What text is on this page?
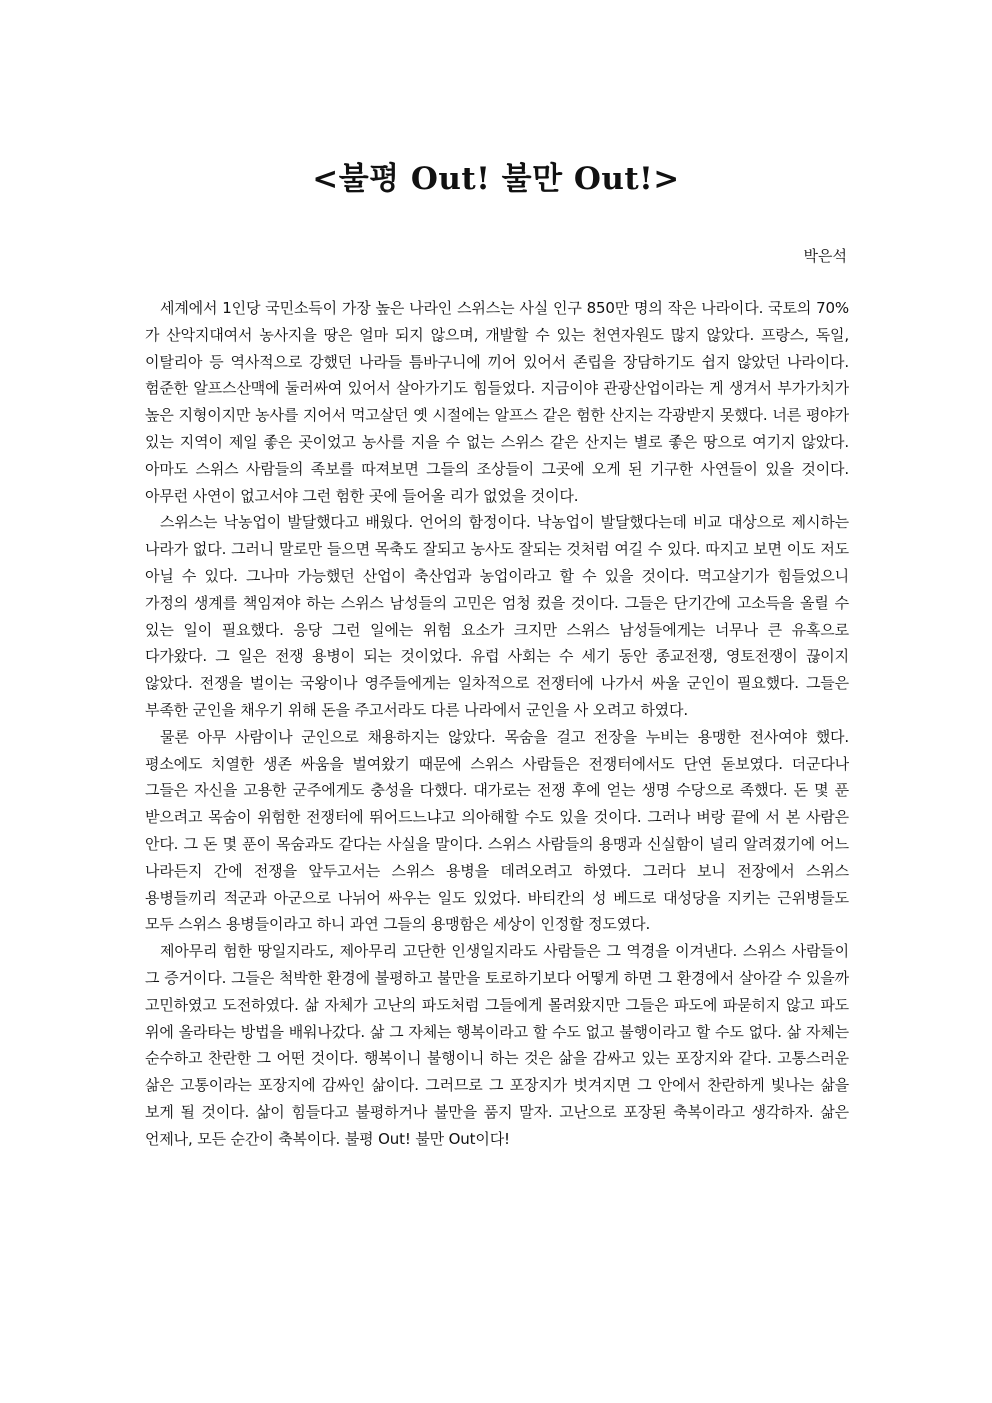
<불평 Out! 불만 Out!>
박은석

세계에서 1인당 국민소득이 가장 높은 나라인 스위스는 사실 인구 850만 명의 작은 나라이다. 국토의 70%가 산악지대여서 농사지을 땅은 얼마 되지 않으며, 개발할 수 있는 천연자원도 많지 않았다. 프랑스, 독일, 이탈리아 등 역사적으로 강했던 나라들 틈바구니에 끼어 있어서 존립을 장담하기도 쉽지 않았던 나라이다. 험준한 알프스산맥에 둘러싸여 있어서 살아가기도 힘들었다. 지금이야 관광산업이라는 게 생겨서 부가가치가 높은 지형이지만 농사를 지어서 먹고살던 옛 시절에는 알프스 같은 험한 산지는 각광받지 못했다. 너른 평야가 있는 지역이 제일 좋은 곳이었고 농사를 지을 수 없는 스위스 같은 산지는 별로 좋은 땅으로 여기지 않았다. 아마도 스위스 사람들의 족보를 따져보면 그들의 조상들이 그곳에 오게 된 기구한 사연들이 있을 것이다. 아무런 사연이 없고서야 그런 험한 곳에 들어올 리가 없었을 것이다.

스위스는 낙농업이 발달했다고 배웠다. 언어의 함정이다. 낙농업이 발달했다는데 비교 대상으로 제시하는 나라가 없다. 그러니 말로만 들으면 목축도 잘되고 농사도 잘되는 것처럼 여길 수 있다. 따지고 보면 이도 저도 아닐 수 있다. 그나마 가능했던 산업이 축산업과 농업이라고 할 수 있을 것이다. 먹고살기가 힘들었으니 가정의 생계를 책임져야 하는 스위스 남성들의 고민은 엄청 컸을 것이다. 그들은 단기간에 고소득을 올릴 수 있는 일이 필요했다. 응당 그런 일에는 위험 요소가 크지만 스위스 남성들에게는 너무나 큰 유혹으로 다가왔다. 그 일은 전쟁 용병이 되는 것이었다. 유럽 사회는 수 세기 동안 종교전쟁, 영토전쟁이 끊이지 않았다. 전쟁을 벌이는 국왕이나 영주들에게는 일차적으로 전쟁터에 나가서 싸울 군인이 필요했다. 그들은 부족한 군인을 채우기 위해 돈을 주고서라도 다른 나라에서 군인을 사 오려고 하였다.

물론 아무 사람이나 군인으로 채용하지는 않았다. 목숨을 걸고 전장을 누비는 용맹한 전사여야 했다. 평소에도 치열한 생존 싸움을 벌여왔기 때문에 스위스 사람들은 전쟁터에서도 단연 돋보였다. 더군다나 그들은 자신을 고용한 군주에게도 충성을 다했다. 대가로는 전쟁 후에 얻는 생명 수당으로 족했다. 돈 몇 푼 받으려고 목숨이 위험한 전쟁터에 뛰어드느냐고 의아해할 수도 있을 것이다. 그러나 벼랑 끝에 서 본 사람은 안다. 그 돈 몇 푼이 목숨과도 같다는 사실을 말이다. 스위스 사람들의 용맹과 신실함이 널리 알려졌기에 어느 나라든지 간에 전쟁을 앞두고서는 스위스 용병을 데려오려고 하였다. 그러다 보니 전장에서 스위스 용병들끼리 적군과 아군으로 나뉘어 싸우는 일도 있었다. 바티칸의 성 베드로 대성당을 지키는 근위병들도 모두 스위스 용병들이라고 하니 과연 그들의 용맹함은 세상이 인정할 정도였다.

제아무리 험한 땅일지라도, 제아무리 고단한 인생일지라도 사람들은 그 역경을 이겨낸다. 스위스 사람들이 그 증거이다. 그들은 척박한 환경에 불평하고 불만을 토로하기보다 어떻게 하면 그 환경에서 살아갈 수 있을까 고민하였고 도전하였다. 삶 자체가 고난의 파도처럼 그들에게 몰려왔지만 그들은 파도에 파묻히지 않고 파도 위에 올라타는 방법을 배워나갔다. 삶 그 자체는 행복이라고 할 수도 없고 불행이라고 할 수도 없다. 삶 자체는 순수하고 찬란한 그 어떤 것이다. 행복이니 불행이니 하는 것은 삶을 감싸고 있는 포장지와 같다. 고통스러운 삶은 고통이라는 포장지에 감싸인 삶이다. 그러므로 그 포장지가 벗겨지면 그 안에서 찬란하게 빛나는 삶을 보게 될 것이다. 삶이 힘들다고 불평하거나 불만을 품지 말자. 고난으로 포장된 축복이라고 생각하자. 삶은 언제나, 모든 순간이 축복이다. 불평 Out! 불만 Out이다!
